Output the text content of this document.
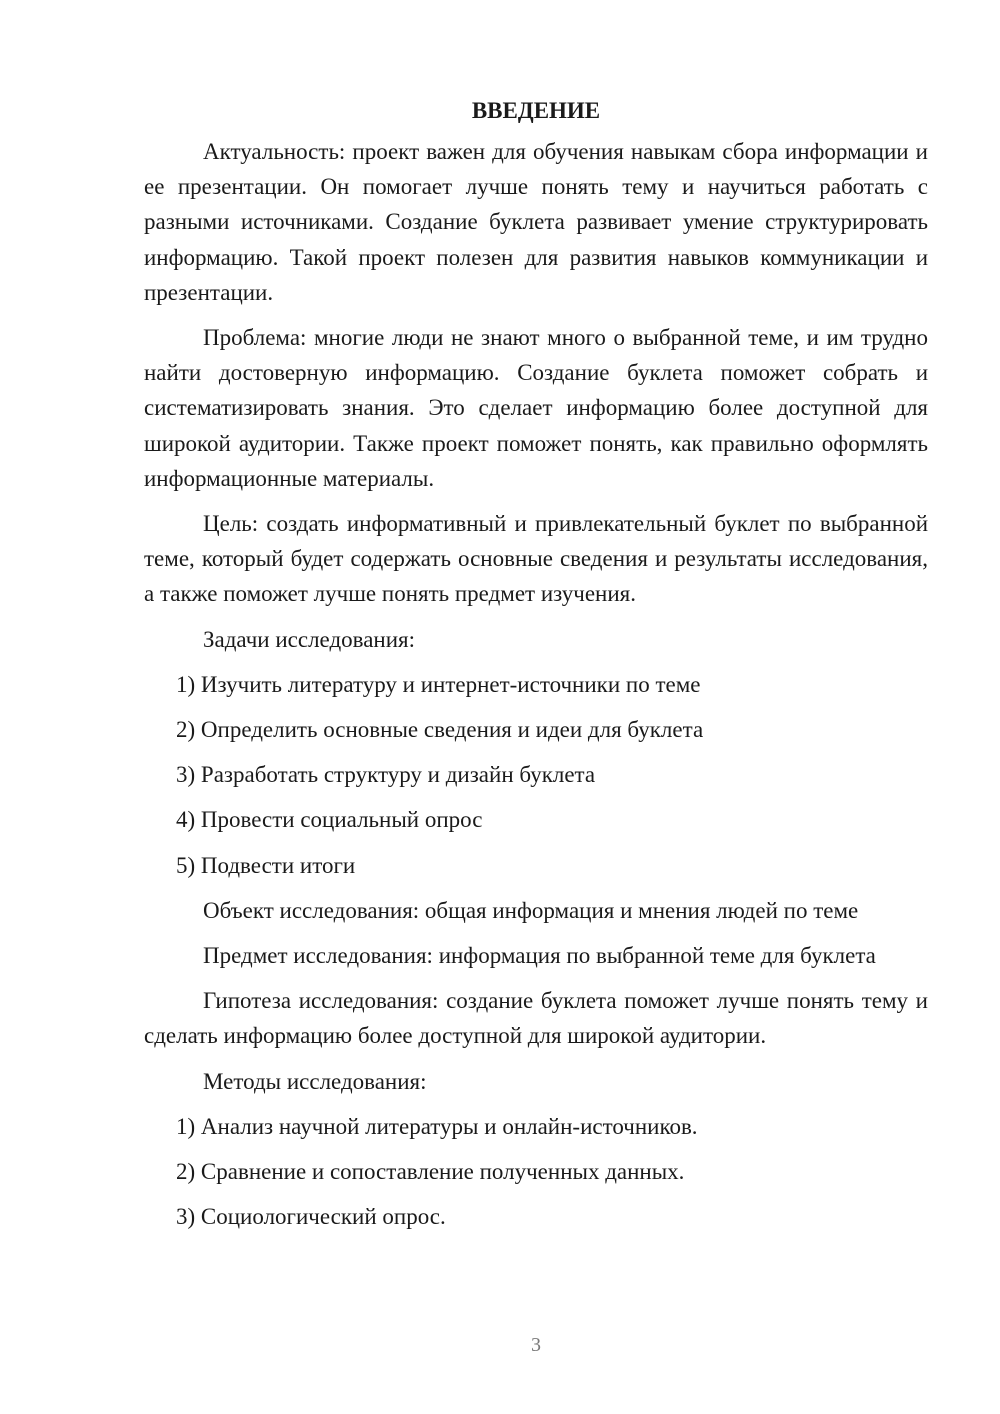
ВВЕДЕНИЕ

Актуальность: проект важен для обучения навыкам сбора информации и ее презентации. Он помогает лучше понять тему и научиться работать с разными источниками. Создание буклета развивает умение структурировать информацию. Такой проект полезен для развития навыков коммуникации и презентации.

Проблема: многие люди не знают много о выбранной теме, и им трудно найти достоверную информацию. Создание буклета поможет собрать и систематизировать знания. Это сделает информацию более доступной для широкой аудитории. Также проект поможет понять, как правильно оформлять информационные материалы.

Цель: создать информативный и привлекательный буклет по выбранной теме, который будет содержать основные сведения и результаты исследования, а также поможет лучше понять предмет изучения.

Задачи исследования:

1) Изучить литературу и интернет-источники по теме

2) Определить основные сведения и идеи для буклета

3) Разработать структуру и дизайн буклета

4) Провести социальный опрос

5) Подвести итоги

Объект исследования: общая информация и мнения людей по теме

Предмет исследования: информация по выбранной теме для буклета

Гипотеза исследования: создание буклета поможет лучше понять тему и сделать информацию более доступной для широкой аудитории.

Методы исследования:

1) Анализ научной литературы и онлайн-источников.

2) Сравнение и сопоставление полученных данных.

3) Социологический опрос.

3
